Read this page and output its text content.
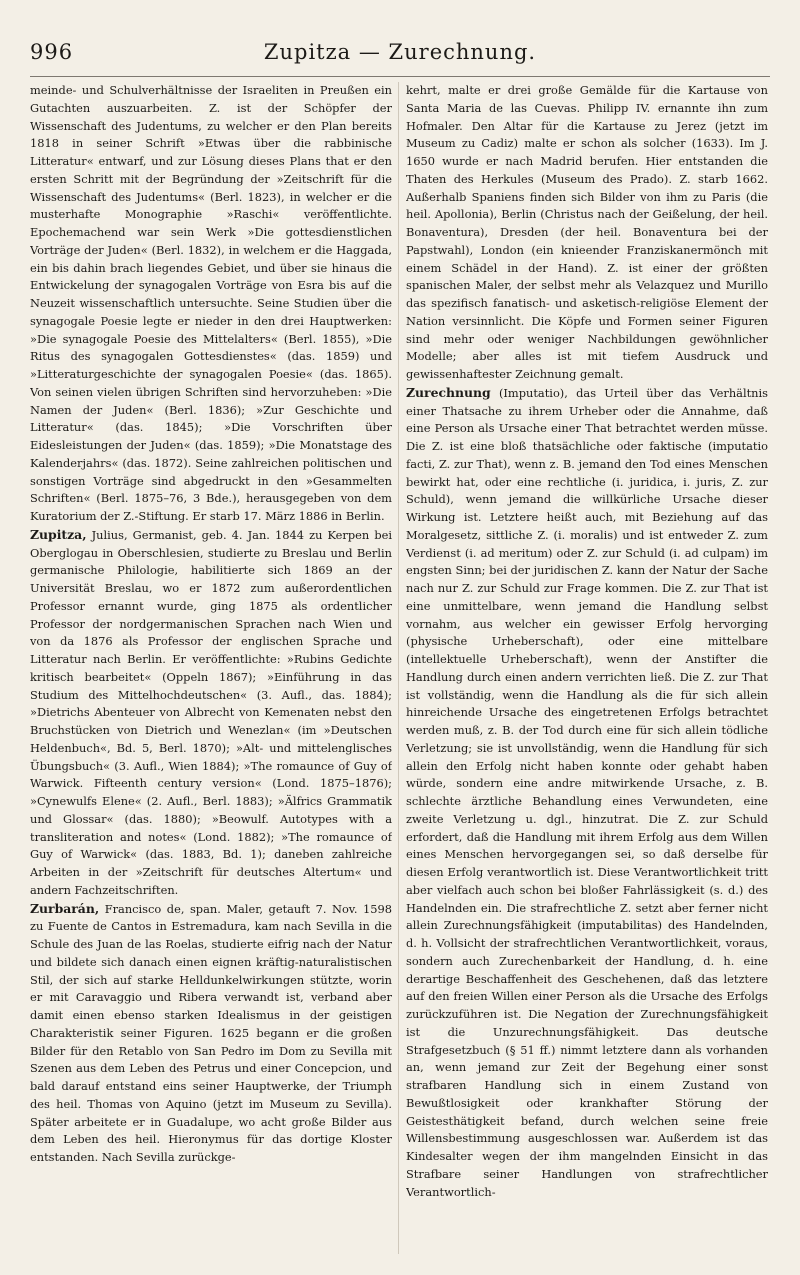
996	Zupitza — Zurechnung.

meinde- und Schulverhältnisse der Israeliten in Preußen ein Gutachten auszuarbeiten. Z. ist der Schöpfer der Wissenschaft des Judentums, zu welcher er den Plan bereits 1818 in seiner Schrift »Etwas über die rabbinische Litteratur« entwarf, und zur Lösung dieses Plans that er den ersten Schritt mit der Begründung der »Zeitschrift für die Wissenschaft des Judentums« (Berl. 1823), in welcher er die musterhafte Monographie »Raschi« veröffentlichte. Epochemachend war sein Werk »Die gottesdienstlichen Vorträge der Juden« (Berl. 1832), in welchem er die Haggada, ein bis dahin brach liegendes Gebiet, und über sie hinaus die Entwickelung der synagogalen Vorträge von Esra bis auf die Neuzeit wissenschaftlich untersuchte. Seine Studien über die synagogale Poesie legte er nieder in den drei Hauptwerken: »Die synagogale Poesie des Mittelalters« (Berl. 1855), »Die Ritus des synagogalen Gottesdienstes« (das. 1859) und »Litteraturgeschichte der synagogalen Poesie« (das. 1865). Von seinen vielen übrigen Schriften sind hervorzuheben: »Die Namen der Juden« (Berl. 1836); »Zur Geschichte und Litteratur« (das. 1845); »Die Vorschriften über Eidesleistungen der Juden« (das. 1859); »Die Monatstage des Kalenderjahrs« (das. 1872). Seine zahlreichen politischen und sonstigen Vorträge sind abgedruckt in den »Gesammelten Schriften« (Berl. 1875–76, 3 Bde.), herausgegeben von dem Kuratorium der Z.-Stiftung. Er starb 17. März 1886 in Berlin.

Zupitza, Julius, Germanist, geb. 4. Jan. 1844 zu Kerpen bei Oberglogau in Oberschlesien, studierte zu Breslau und Berlin germanische Philologie, habilitierte sich 1869 an der Universität Breslau, wo er 1872 zum außerordentlichen Professor ernannt wurde, ging 1875 als ordentlicher Professor der nordgermanischen Sprachen nach Wien und von da 1876 als Professor der englischen Sprache und Litteratur nach Berlin. Er veröffentlichte: »Rubins Gedichte kritisch bearbeitet« (Oppeln 1867); »Einführung in das Studium des Mittelhochdeutschen« (3. Aufl., das. 1884); »Dietrichs Abenteuer von Albrecht von Kemenaten nebst den Bruchstücken von Dietrich und Wenezlan« (im »Deutschen Heldenbuch«, Bd. 5, Berl. 1870); »Alt- und mittelenglisches Übungsbuch« (3. Aufl., Wien 1884); »The romaunce of Guy of Warwick. Fifteenth century version« (Lond. 1875–1876); »Cynewulfs Elene« (2. Aufl., Berl. 1883); »Älfrics Grammatik und Glossar« (das. 1880); »Beowulf. Autotypes with a transliteration and notes« (Lond. 1882); »The romaunce of Guy of Warwick« (das. 1883, Bd. 1); daneben zahlreiche Arbeiten in der »Zeitschrift für deutsches Altertum« und andern Fachzeitschriften.

Zurbarán, Francisco de, span. Maler, getauft 7. Nov. 1598 zu Fuente de Cantos in Estremadura, kam nach Sevilla in die Schule des Juan de las Roelas, studierte eifrig nach der Natur und bildete sich danach einen eignen kräftig-naturalistischen Stil, der sich auf starke Helldunkelwirkungen stützte, worin er mit Caravaggio und Ribera verwandt ist, verband aber damit einen ebenso starken Idealismus in der geistigen Charakteristik seiner Figuren. 1625 begann er die großen Bilder für den Retablo von San Pedro im Dom zu Sevilla mit Szenen aus dem Leben des Petrus und einer Concepcion, und bald darauf entstand eins seiner Hauptwerke, der Triumph des heil. Thomas von Aquino (jetzt im Museum zu Sevilla). Später arbeitete er in Guadalupe, wo acht große Bilder aus dem Leben des heil. Hieronymus für das dortige Kloster entstanden. Nach Sevilla zurückge-

kehrt, malte er drei große Gemälde für die Kartause von Santa Maria de las Cuevas. Philipp IV. ernannte ihn zum Hofmaler. Den Altar für die Kartause zu Jerez (jetzt im Museum zu Cadiz) malte er schon als solcher (1633). Im J. 1650 wurde er nach Madrid berufen. Hier entstanden die Thaten des Herkules (Museum des Prado). Z. starb 1662. Außerhalb Spaniens finden sich Bilder von ihm zu Paris (die heil. Apollonia), Berlin (Christus nach der Geißelung, der heil. Bonaventura), Dresden (der heil. Bonaventura bei der Papstwahl), London (ein knieender Franziskanermönch mit einem Schädel in der Hand). Z. ist einer der größten spanischen Maler, der selbst mehr als Velazquez und Murillo das spezifisch fanatisch- und asketisch-religiöse Element der Nation versinnlicht. Die Köpfe und Formen seiner Figuren sind mehr oder weniger Nachbildungen gewöhnlicher Modelle; aber alles ist mit tiefem Ausdruck und gewissenhaftester Zeichnung gemalt.

Zurechnung (Imputatio), das Urteil über das Verhältnis einer Thatsache zu ihrem Urheber oder die Annahme, daß eine Person als Ursache einer That betrachtet werden müsse. Die Z. ist eine bloß thatsächliche oder faktische (imputatio facti, Z. zur That), wenn z. B. jemand den Tod eines Menschen bewirkt hat, oder eine rechtliche (i. juridica, i. juris, Z. zur Schuld), wenn jemand die willkürliche Ursache dieser Wirkung ist. Letztere heißt auch, mit Beziehung auf das Moralgesetz, sittliche Z. (i. moralis) und ist entweder Z. zum Verdienst (i. ad meritum) oder Z. zur Schuld (i. ad culpam) im engsten Sinn; bei der juridischen Z. kann der Natur der Sache nach nur Z. zur Schuld zur Frage kommen. Die Z. zur That ist eine unmittelbare, wenn jemand die Handlung selbst vornahm, aus welcher ein gewisser Erfolg hervorging (physische Urheberschaft), oder eine mittelbare (intellektuelle Urheberschaft), wenn der Anstifter die Handlung durch einen andern verrichten ließ. Die Z. zur That ist vollständig, wenn die Handlung als die für sich allein hinreichende Ursache des eingetretenen Erfolgs betrachtet werden muß, z. B. der Tod durch eine für sich allein tödliche Verletzung; sie ist unvollständig, wenn die Handlung für sich allein den Erfolg nicht haben konnte oder gehabt haben würde, sondern eine andre mitwirkende Ursache, z. B. schlechte ärztliche Behandlung eines Verwundeten, eine zweite Verletzung u. dgl., hinzutrat. Die Z. zur Schuld erfordert, daß die Handlung mit ihrem Erfolg aus dem Willen eines Menschen hervorgegangen sei, so daß derselbe für diesen Erfolg verantwortlich ist. Diese Verantwortlichkeit tritt aber vielfach auch schon bei bloßer Fahrlässigkeit (s. d.) des Handelnden ein. Die strafrechtliche Z. setzt aber ferner nicht allein Zurechnungsfähigkeit (imputabilitas) des Handelnden, d. h. Vollsicht der strafrechtlichen Verantwortlichkeit, voraus, sondern auch Zurechenbarkeit der Handlung, d. h. eine derartige Beschaffenheit des Geschehenen, daß das letztere auf den freien Willen einer Person als die Ursache des Erfolgs zurückzuführen ist. Die Negation der Zurechnungsfähigkeit ist die Unzurechnungsfähigkeit. Das deutsche Strafgesetzbuch (§ 51 ff.) nimmt letztere dann als vorhanden an, wenn jemand zur Zeit der Begehung einer sonst strafbaren Handlung sich in einem Zustand von Bewußtlosigkeit oder krankhafter Störung der Geistesthätigkeit befand, durch welchen seine freie Willensbestimmung ausgeschlossen war. Außerdem ist das Kindesalter wegen der ihm mangelnden Einsicht in das Strafbare seiner Handlungen von strafrechtlicher Verantwortlich-
